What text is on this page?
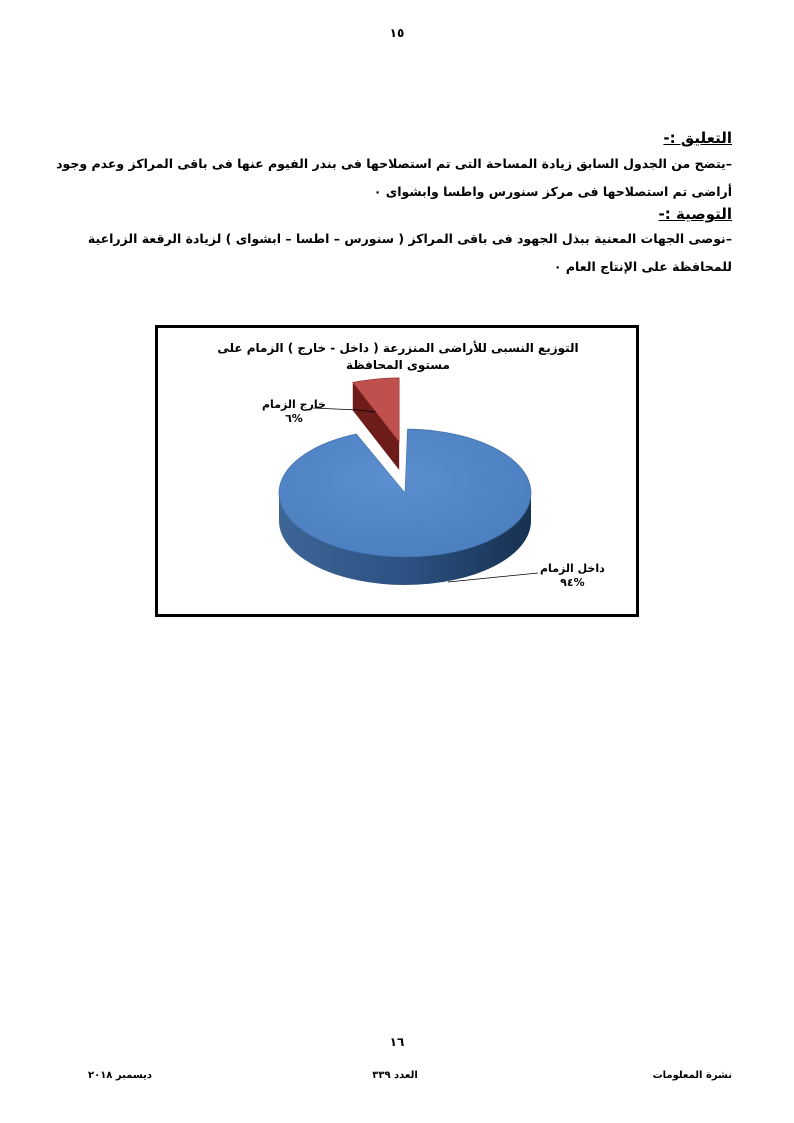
١٥
التعليق :-
–يتضح من الجدول السابق زيادة المساحة التى تم استصلاحها فى بندر الفيوم عنها فى باقى المراكز وعدم وجود أراضى تم استصلاحها فى مركز سنورس واطسا وابشواى ٠
التوصية :-
–نوصى الجهات المعنية ببذل الجهود فى باقى المراكز ( سنورس – اطسا – ابشواى ) لزيادة الرقعة الزراعية للمحافظة على الإنتاج العام ٠
التوزيع النسبى للأراضى المنزرعة ( داخل - خارج ) الزمام على مستوى المحافظة
خارج الزمام
%٦
داخل الزمام
%٩٤
١٦
نشرة المعلومات
العدد ٣٣٩
ديسمبر ٢٠١٨
